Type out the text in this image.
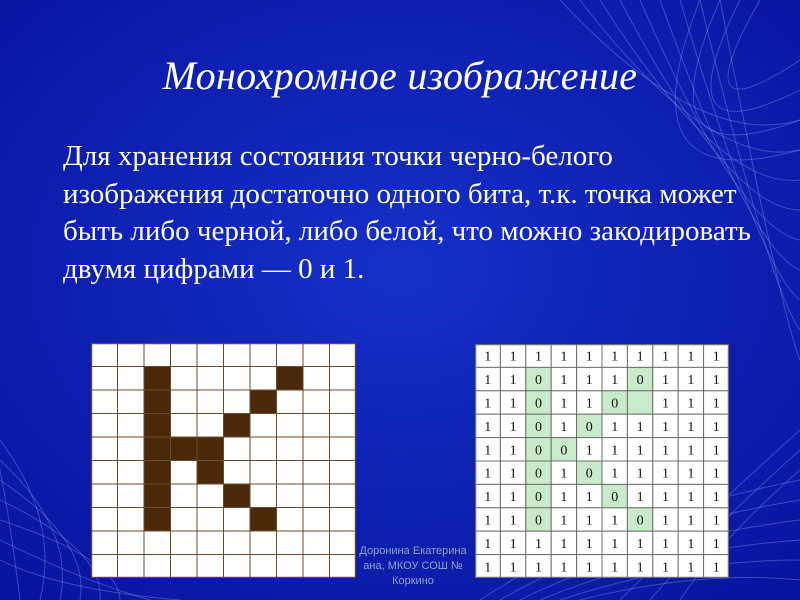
Монохромное изображение
Для хранения состояния точки черно-белого изображения достаточно одного бита, т.к. точка может быть либо черной, либо белой, что можно закодировать двумя цифрами — 0 и 1.
1 1 1 1 1 1 1 1 1 1
1 1 0 1 1 1 0 1 1 1
1 1 0 1 1 0	1 1 1
1 1 0 1 0 1 1 1 1 1
1 1 0 0 1 1 1 1 1 1
1 1 0 1 0 1 1 1 1 1
1 1 0 1 1 0 1 1 1 1
1 1 0 1 1 1 0 1 1 1
1 1 1 1 1 1 1 1 1 1
1 1 1 1 1 1 1 1 1 1
Доронина Екатерина
ана, МКОУ СОШ №
Коркино
